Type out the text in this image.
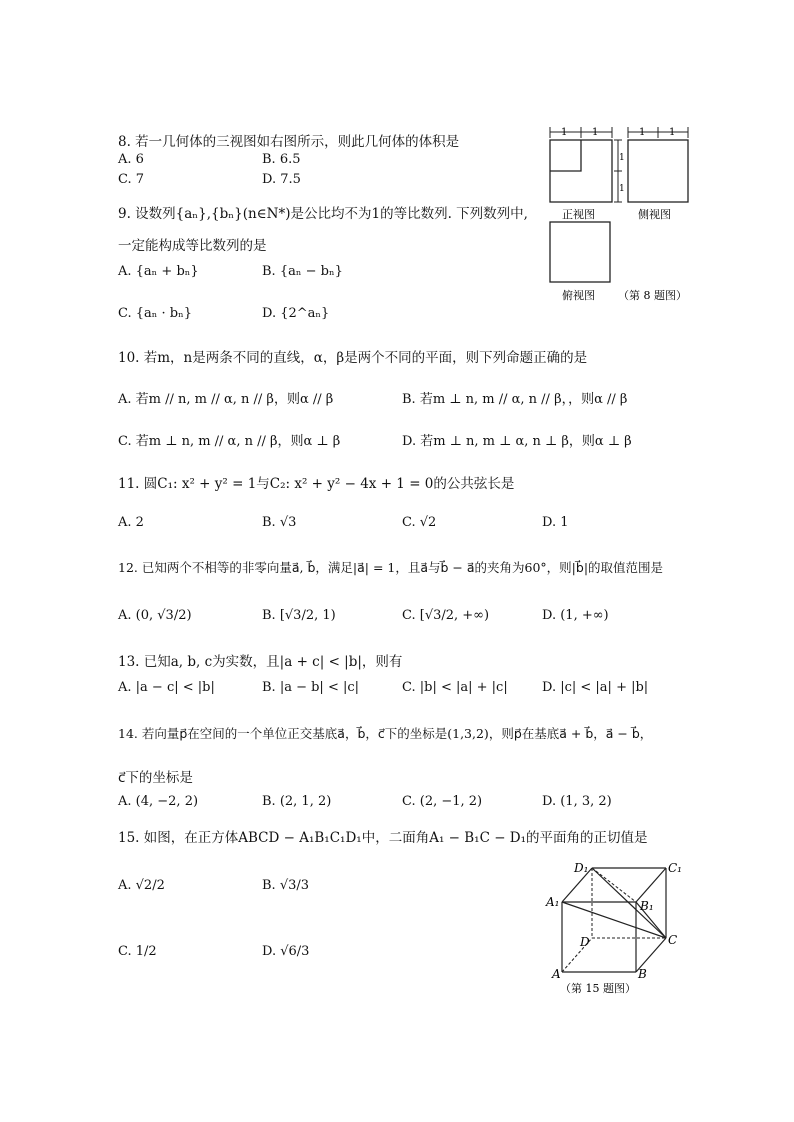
8. 若一几何体的三视图如右图所示，则此几何体的体积是
A. 6	B. 6.5
C. 7	D. 7.5
1 1	1 1
1
1
正视图	侧视图
俯视图 （第 8 题图）
9. 设数列{aₙ},{bₙ}(n∈N*)是公比均不为1的等比数列. 下列数列中,
一定能构成等比数列的是
A. {aₙ + bₙ}	B. {aₙ − bₙ}
C. {aₙ · bₙ}	D. {2^aₙ}
10. 若m，n是两条不同的直线，α，β是两个不同的平面，则下列命题正确的是
A. 若m // n, m // α, n // β，则α // β	B. 若m ⊥ n, m // α, n // β，，则α // β
C. 若m ⊥ n, m // α, n // β，则α ⊥ β	D. 若m ⊥ n, m ⊥ α, n ⊥ β，则α ⊥ β
11. 圆C₁: x² + y² = 1与C₂: x² + y² − 4x + 1 = 0的公共弦长是
A. 2	B. √3	C. √2	D. 1
12. 已知两个不相等的非零向量a⃗, b⃗，满足|a⃗| = 1，且a⃗与b⃗ − a⃗的夹角为60°，则|b⃗|的取值范围是
A. (0, √3/2)	B. [√3/2, 1)	C. [√3/2, +∞)	D. (1, +∞)
13. 已知a, b, c为实数，且|a + c| < |b|，则有
A. |a − c| < |b|	B. |a − b| < |c|	C. |b| < |a| + |c|	D. |c| < |a| + |b|
14. 若向量p⃗在空间的一个单位正交基底a⃗，b⃗，c⃗下的坐标是(1,3,2)，则p⃗在基底a⃗ + b⃗，a⃗ − b⃗，
c⃗下的坐标是
A. (4, −2, 2)	B. (2, 1, 2)	C. (2, −1, 2)	D. (1, 3, 2)
15. 如图，在正方体ABCD − A₁B₁C₁D₁中，二面角A₁ − B₁C − D₁的平面角的正切值是
A. √2/2	B. √3/3
C. 1/2	D. √6/3
D₁	C₁
A₁	B₁
D	C
A	B
（第 15 题图）
